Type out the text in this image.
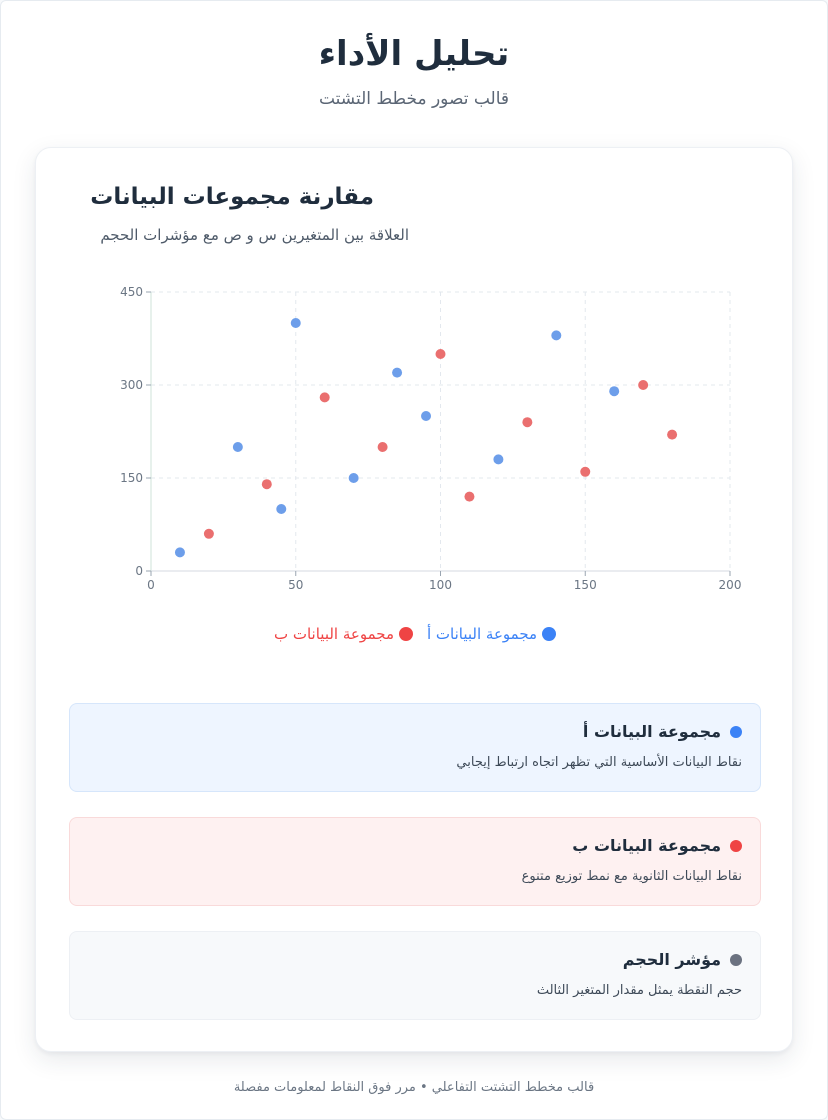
تحليل الأداء
قالب تصور مخطط التشتت
مقارنة مجموعات البيانات
العلاقة بين المتغيرين س و ص مع مؤشرات الحجم
0
150
300
450
0	50	100	150	200
مجموعة البيانات أ
مجموعة البيانات ب
مجموعة البيانات أ
نقاط البيانات الأساسية التي تظهر اتجاه ارتباط إيجابي
مجموعة البيانات ب
نقاط البيانات الثانوية مع نمط توزيع متنوع
مؤشر الحجم
حجم النقطة يمثل مقدار المتغير الثالث
قالب مخطط التشتت التفاعلي • مرر فوق النقاط لمعلومات مفصلة
